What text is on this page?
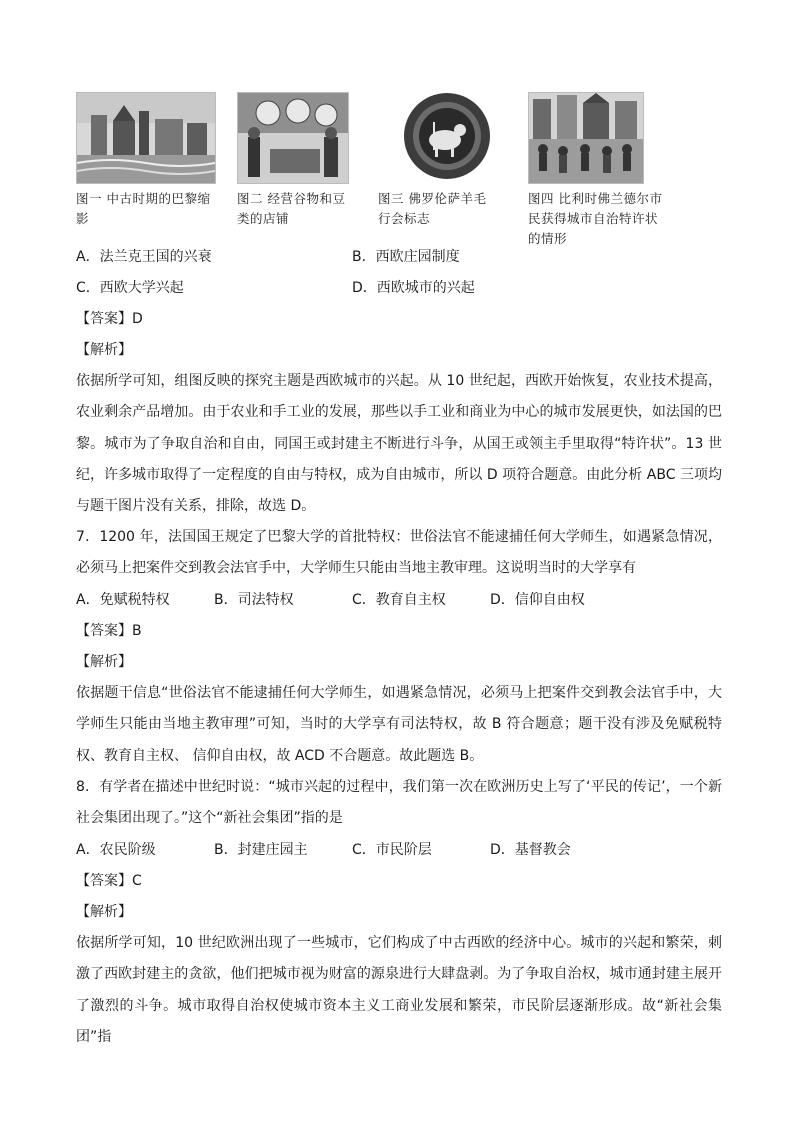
图一 中古时期的巴黎缩影
图二 经营谷物和豆类的店铺
图三 佛罗伦萨羊毛行会标志
图四 比利时佛兰德尔市民获得城市自治特许状的情形
A．法兰克王国的兴衰	B．西欧庄园制度
C．西欧大学兴起	D．西欧城市的兴起
【答案】D
【解析】
依据所学可知，组图反映的探究主题是西欧城市的兴起。从 10 世纪起，西欧开始恢复，农业技术提高，农业剩余产品增加。由于农业和手工业的发展，那些以手工业和商业为中心的城市发展更快，如法国的巴黎。城市为了争取自治和自由，同国王或封建主不断进行斗争，从国王或领主手里取得“特许状”。13 世纪，许多城市取得了一定程度的自由与特权，成为自由城市，所以 D 项符合题意。由此分析 ABC 三项均与题干图片没有关系，排除，故选 D。
7．1200 年，法国国王规定了巴黎大学的首批特权：世俗法官不能逮捕任何大学师生，如遇紧急情况，必须马上把案件交到教会法官手中，大学师生只能由当地主教审理。这说明当时的大学享有
A．免赋税特权	B．司法特权	C．教育自主权	D．信仰自由权
【答案】B
【解析】
依据题干信息“世俗法官不能逮捕任何大学师生，如遇紧急情况，必须马上把案件交到教会法官手中，大学师生只能由当地主教审理”可知，当时的大学享有司法特权，故 B 符合题意；题干没有涉及免赋税特权、教育自主权、 信仰自由权，故 ACD 不合题意。故此题选 B。
8．有学者在描述中世纪时说：“城市兴起的过程中，我们第一次在欧洲历史上写了‘平民的传记’，一个新社会集团出现了。”这个“新社会集团”指的是
A．农民阶级	B．封建庄园主	C．市民阶层	D．基督教会
【答案】C
【解析】
依据所学可知，10 世纪欧洲出现了一些城市，它们构成了中古西欧的经济中心。城市的兴起和繁荣，刺激了西欧封建主的贪欲，他们把城市视为财富的源泉进行大肆盘剥。为了争取自治权，城市通封建主展开了激烈的斗争。城市取得自治权使城市资本主义工商业发展和繁荣，市民阶层逐渐形成。故“新社会集团”指
